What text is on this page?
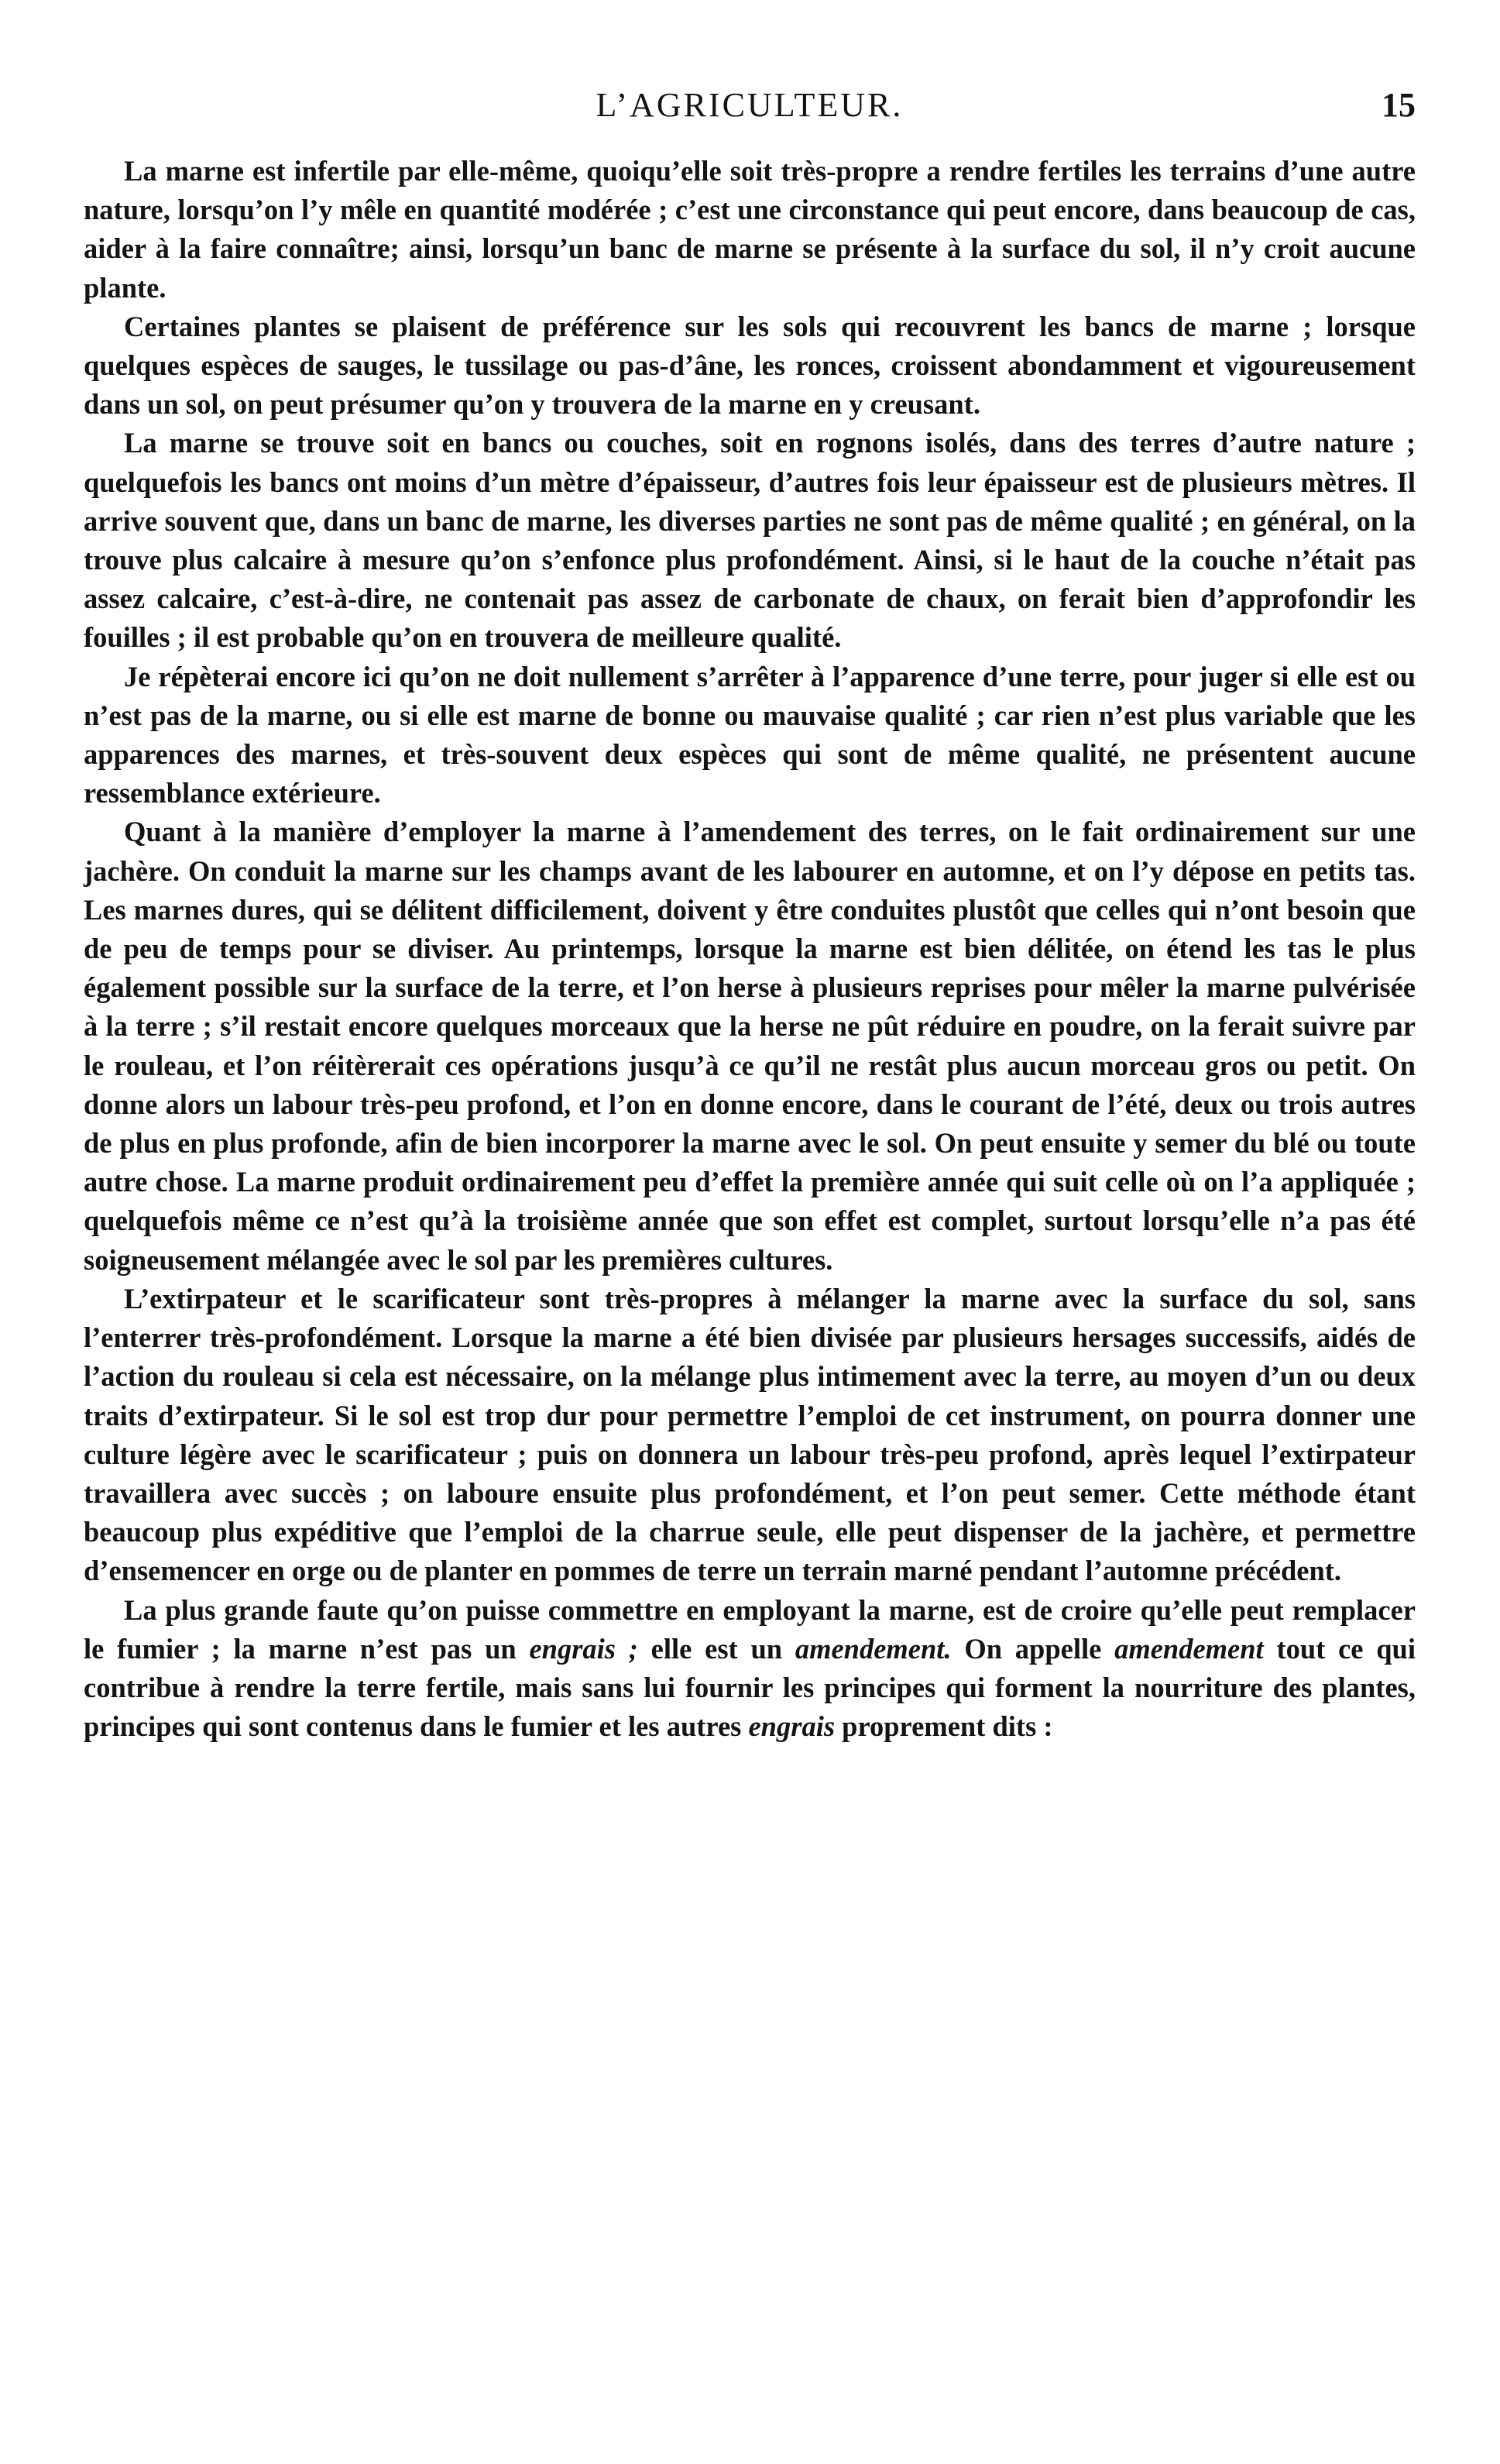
L’AGRICULTEUR.	15

La marne est infertile par elle-même, quoiqu’elle soit très-propre a rendre fertiles les terrains d’une autre nature, lorsqu’on l’y mêle en quantité modérée ; c’est une circonstance qui peut encore, dans beaucoup de cas, aider à la faire connaître; ainsi, lorsqu’un banc de marne se présente à la surface du sol, il n’y croit aucune plante.

Certaines plantes se plaisent de préférence sur les sols qui recouvrent les bancs de marne ; lorsque quelques espèces de sauges, le tussilage ou pas-d’âne, les ronces, croissent abondamment et vigoureusement dans un sol, on peut présumer qu’on y trouvera de la marne en y creusant.

La marne se trouve soit en bancs ou couches, soit en rognons isolés, dans des terres d’autre nature ; quelquefois les bancs ont moins d’un mètre d’épaisseur, d’autres fois leur épaisseur est de plusieurs mètres. Il arrive souvent que, dans un banc de marne, les diverses parties ne sont pas de même qualité ; en général, on la trouve plus calcaire à mesure qu’on s’enfonce plus profondément. Ainsi, si le haut de la couche n’était pas assez calcaire, c’est-à-dire, ne contenait pas assez de carbonate de chaux, on ferait bien d’approfondir les fouilles ; il est probable qu’on en trouvera de meilleure qualité.

Je répèterai encore ici qu’on ne doit nullement s’arrêter à l’apparence d’une terre, pour juger si elle est ou n’est pas de la marne, ou si elle est marne de bonne ou mauvaise qualité ; car rien n’est plus variable que les apparences des marnes, et très-souvent deux espèces qui sont de même qualité, ne présentent aucune ressemblance extérieure.

Quant à la manière d’employer la marne à l’amendement des terres, on le fait ordinairement sur une jachère. On conduit la marne sur les champs avant de les labourer en automne, et on l’y dépose en petits tas. Les marnes dures, qui se délitent difficilement, doivent y être conduites plustôt que celles qui n’ont besoin que de peu de temps pour se diviser. Au printemps, lorsque la marne est bien délitée, on étend les tas le plus également possible sur la surface de la terre, et l’on herse à plusieurs reprises pour mêler la marne pulvérisée à la terre ; s’il restait encore quelques morceaux que la herse ne pût réduire en poudre, on la ferait suivre par le rouleau, et l’on réitèrerait ces opérations jusqu’à ce qu’il ne restât plus aucun morceau gros ou petit. On donne alors un labour très-peu profond, et l’on en donne encore, dans le courant de l’été, deux ou trois autres de plus en plus profonde, afin de bien incorporer la marne avec le sol. On peut ensuite y semer du blé ou toute autre chose. La marne produit ordinairement peu d’effet la première année qui suit celle où on l’a appliquée ; quelquefois même ce n’est qu’à la troisième année que son effet est complet, surtout lorsqu’elle n’a pas été soigneusement mélangée avec le sol par les premières cultures.

L’extirpateur et le scarificateur sont très-propres à mélanger la marne avec la surface du sol, sans l’enterrer très-profondément. Lorsque la marne a été bien divisée par plusieurs hersages successifs, aidés de l’action du rouleau si cela est nécessaire, on la mélange plus intimement avec la terre, au moyen d’un ou deux traits d’extirpateur. Si le sol est trop dur pour permettre l’emploi de cet instrument, on pourra donner une culture légère avec le scarificateur ; puis on donnera un labour très-peu profond, après lequel l’extirpateur travaillera avec succès ; on laboure ensuite plus profondément, et l’on peut semer. Cette méthode étant beaucoup plus expéditive que l’emploi de la charrue seule, elle peut dispenser de la jachère, et permettre d’ensemencer en orge ou de planter en pommes de terre un terrain marné pendant l’automne précédent.

La plus grande faute qu’on puisse commettre en employant la marne, est de croire qu’elle peut remplacer le fumier ; la marne n’est pas un engrais ; elle est un amendement. On appelle amendement tout ce qui contribue à rendre la terre fertile, mais sans lui fournir les principes qui forment la nourriture des plantes, principes qui sont contenus dans le fumier et les autres engrais proprement dits :
